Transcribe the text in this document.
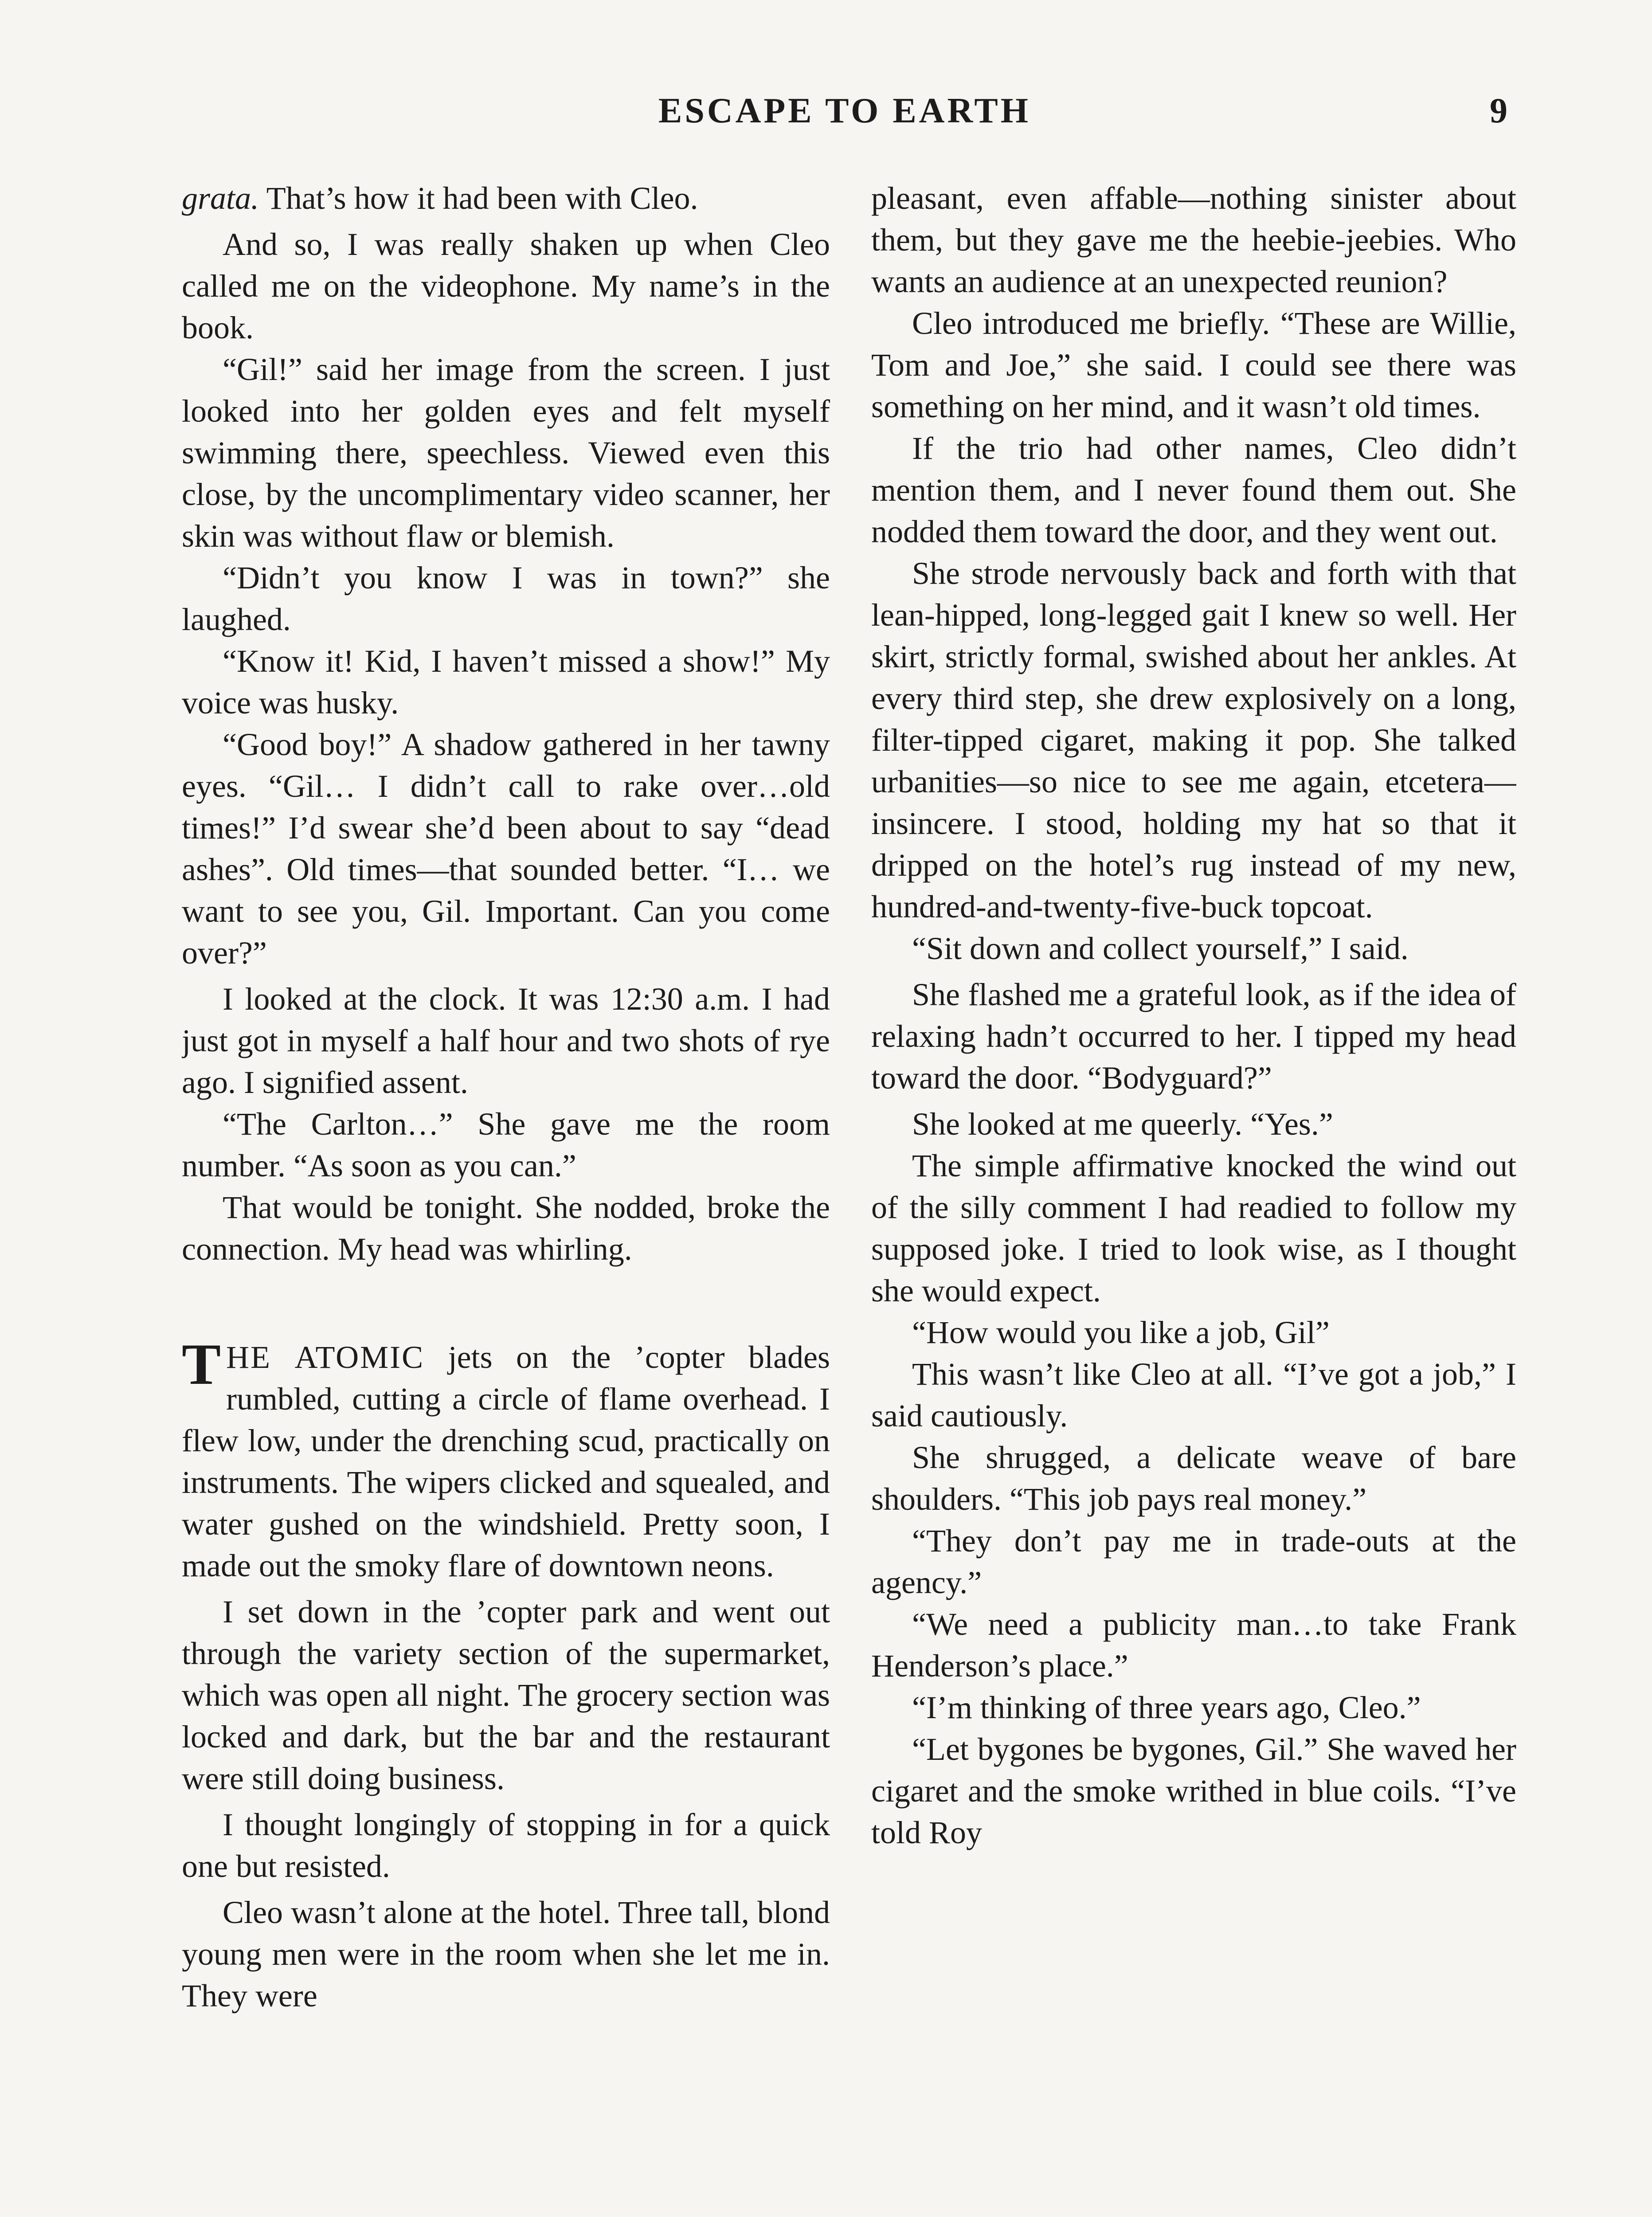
ESCAPE TO EARTH	9

grata. That’s how it had been with Cleo.

And so, I was really shaken up when Cleo called me on the videophone. My name’s in the book.

“Gil!” said her image from the screen. I just looked into her golden eyes and felt myself swimming there, speechless. Viewed even this close, by the uncomplimentary video scanner, her skin was without flaw or blemish.

“Didn’t you know I was in town?” she laughed.

“Know it! Kid, I haven’t missed a show!” My voice was husky.

“Good boy!” A shadow gathered in her tawny eyes. “Gil… I didn’t call to rake over…old times!” I’d swear she’d been about to say “dead ashes”. Old times—that sounded better. “I… we want to see you, Gil. Important. Can you come over?”

I looked at the clock. It was 12:30 a.m. I had just got in myself a half hour and two shots of rye ago. I signified assent.

“The Carlton…” She gave me the room number. “As soon as you can.”

That would be tonight. She nodded, broke the connection. My head was whirling.

THE ATOMIC jets on the ’copter blades rumbled, cutting a circle of flame overhead. I flew low, under the drenching scud, practically on instruments. The wipers clicked and squealed, and water gushed on the windshield. Pretty soon, I made out the smoky flare of downtown neons.

I set down in the ’copter park and went out through the variety section of the supermarket, which was open all night. The grocery section was locked and dark, but the bar and the restaurant were still doing business.

I thought longingly of stopping in for a quick one but resisted.

Cleo wasn’t alone at the hotel. Three tall, blond young men were in the room when she let me in. They were

pleasant, even affable—nothing sinister about them, but they gave me the heebie-jeebies. Who wants an audience at an unexpected reunion?

Cleo introduced me briefly. “These are Willie, Tom and Joe,” she said. I could see there was something on her mind, and it wasn’t old times.

If the trio had other names, Cleo didn’t mention them, and I never found them out. She nodded them toward the door, and they went out.

She strode nervously back and forth with that lean-hipped, long-legged gait I knew so well. Her skirt, strictly formal, swished about her ankles. At every third step, she drew explosively on a long, filter-tipped cigaret, making it pop. She talked urbanities—so nice to see me again, etcetera—insincere. I stood, holding my hat so that it dripped on the hotel’s rug instead of my new, hundred-and-twenty-five-buck topcoat.

“Sit down and collect yourself,” I said.

She flashed me a grateful look, as if the idea of relaxing hadn’t occurred to her. I tipped my head toward the door. “Bodyguard?”

She looked at me queerly. “Yes.”

The simple affirmative knocked the wind out of the silly comment I had readied to follow my supposed joke. I tried to look wise, as I thought she would expect.

“How would you like a job, Gil”

This wasn’t like Cleo at all. “I’ve got a job,” I said cautiously.

She shrugged, a delicate weave of bare shoulders. “This job pays real money.”

“They don’t pay me in trade-outs at the agency.”

“We need a publicity man…to take Frank Henderson’s place.”

“I’m thinking of three years ago, Cleo.”

“Let bygones be bygones, Gil.” She waved her cigaret and the smoke writhed in blue coils. “I’ve told Roy
